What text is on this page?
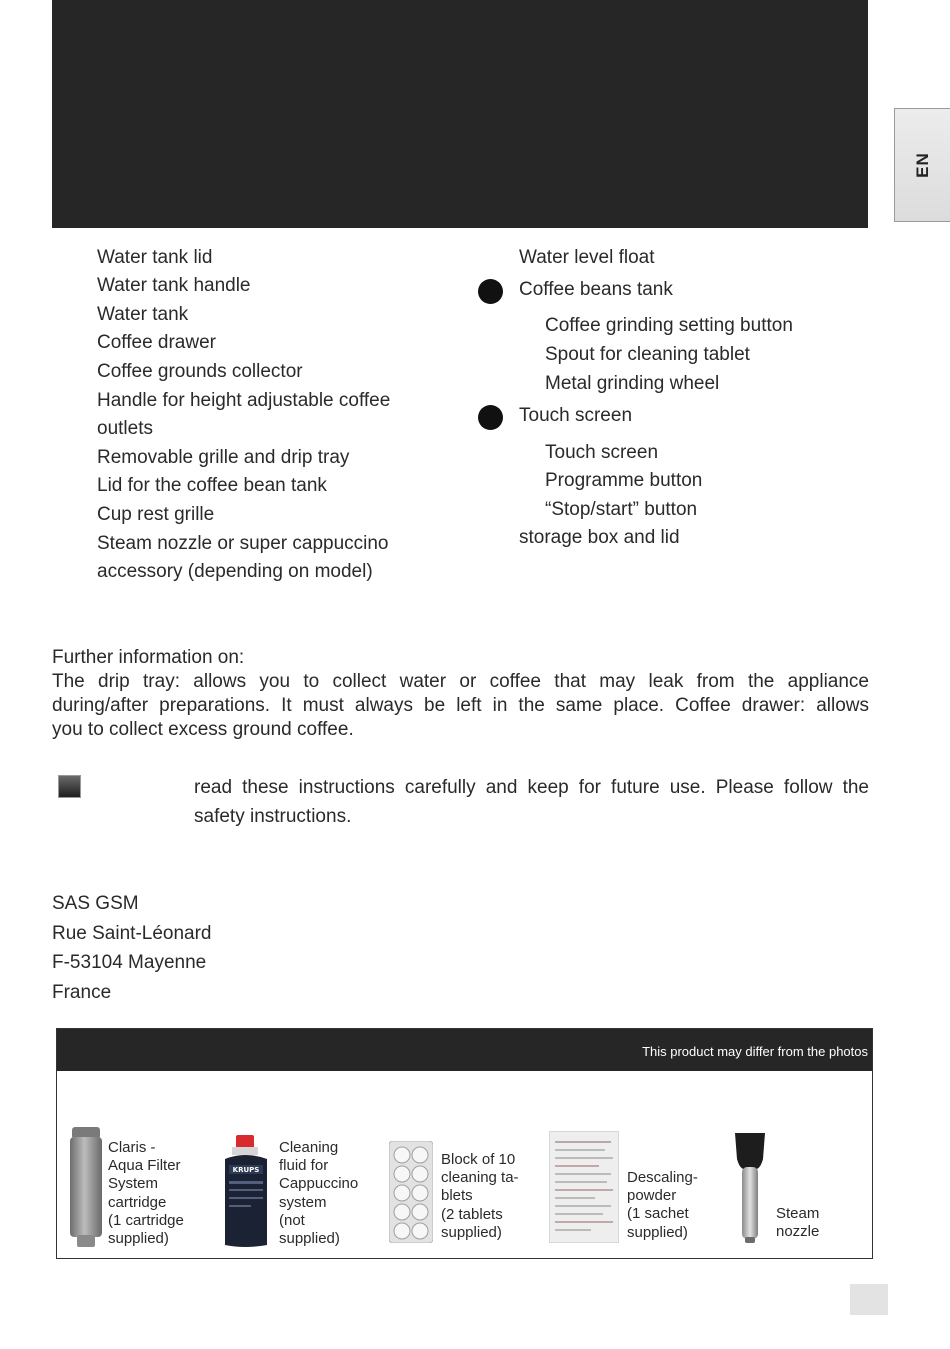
EN
Water tank lid
Water tank handle
Water tank
Coffee drawer
Coffee grounds collector
Handle for height adjustable coffee
outlets
Removable grille and drip tray
Lid for the coffee bean tank
Cup rest grille
Steam nozzle or super cappuccino
accessory (depending on model)
Water level float
Coffee beans tank
Coffee grinding setting button
Spout for cleaning tablet
Metal grinding wheel
Touch screen
Touch screen
Programme button
“Stop/start” button
storage box and lid

Further information on:

The drip tray: allows you to collect water or coffee that may leak from the appliance

during/after preparations. It must always be left in the same place. Coffee drawer: allows

you to collect excess ground coffee.

read these instructions carefully and keep for future use. Please follow the safety instructions.
SAS GSM
Rue Saint-Léonard
F-53104 Mayenne
France
This product may differ from the photos
Claris -
Aqua Filter
System
cartridge
(1 cartridge
supplied)
KRUPS
Cleaning
fluid for
Cappuccino
system
(not
supplied)
Block of 10
cleaning ta-
blets
(2 tablets
supplied)
Descaling-
powder
(1 sachet
supplied)
Steam
nozzle
